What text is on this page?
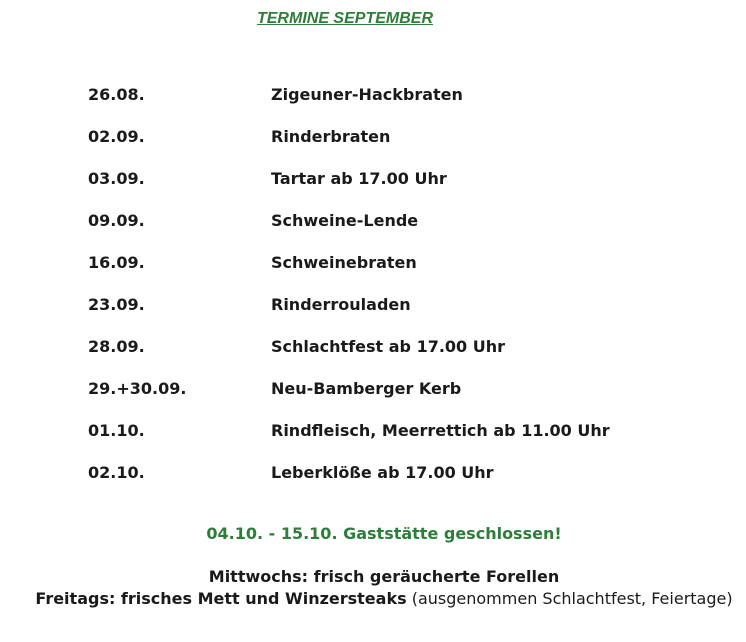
TERMINE SEPTEMBER
26.08.	Zigeuner-Hackbraten
02.09.	Rinderbraten
03.09.	Tartar ab 17.00 Uhr
09.09.	Schweine-Lende
16.09.	Schweinebraten
23.09.	Rinderrouladen
28.09.	Schlachtfest ab 17.00 Uhr
29.+30.09.	Neu-Bamberger Kerb
01.10.	Rindfleisch, Meerrettich ab 11.00 Uhr
02.10.	Leberklöße ab 17.00 Uhr
04.10. - 15.10. Gaststätte geschlossen!
Mittwochs: frisch geräucherte Forellen
Freitags: frisches Mett und Winzersteaks (ausgenommen Schlachtfest, Feiertage)
